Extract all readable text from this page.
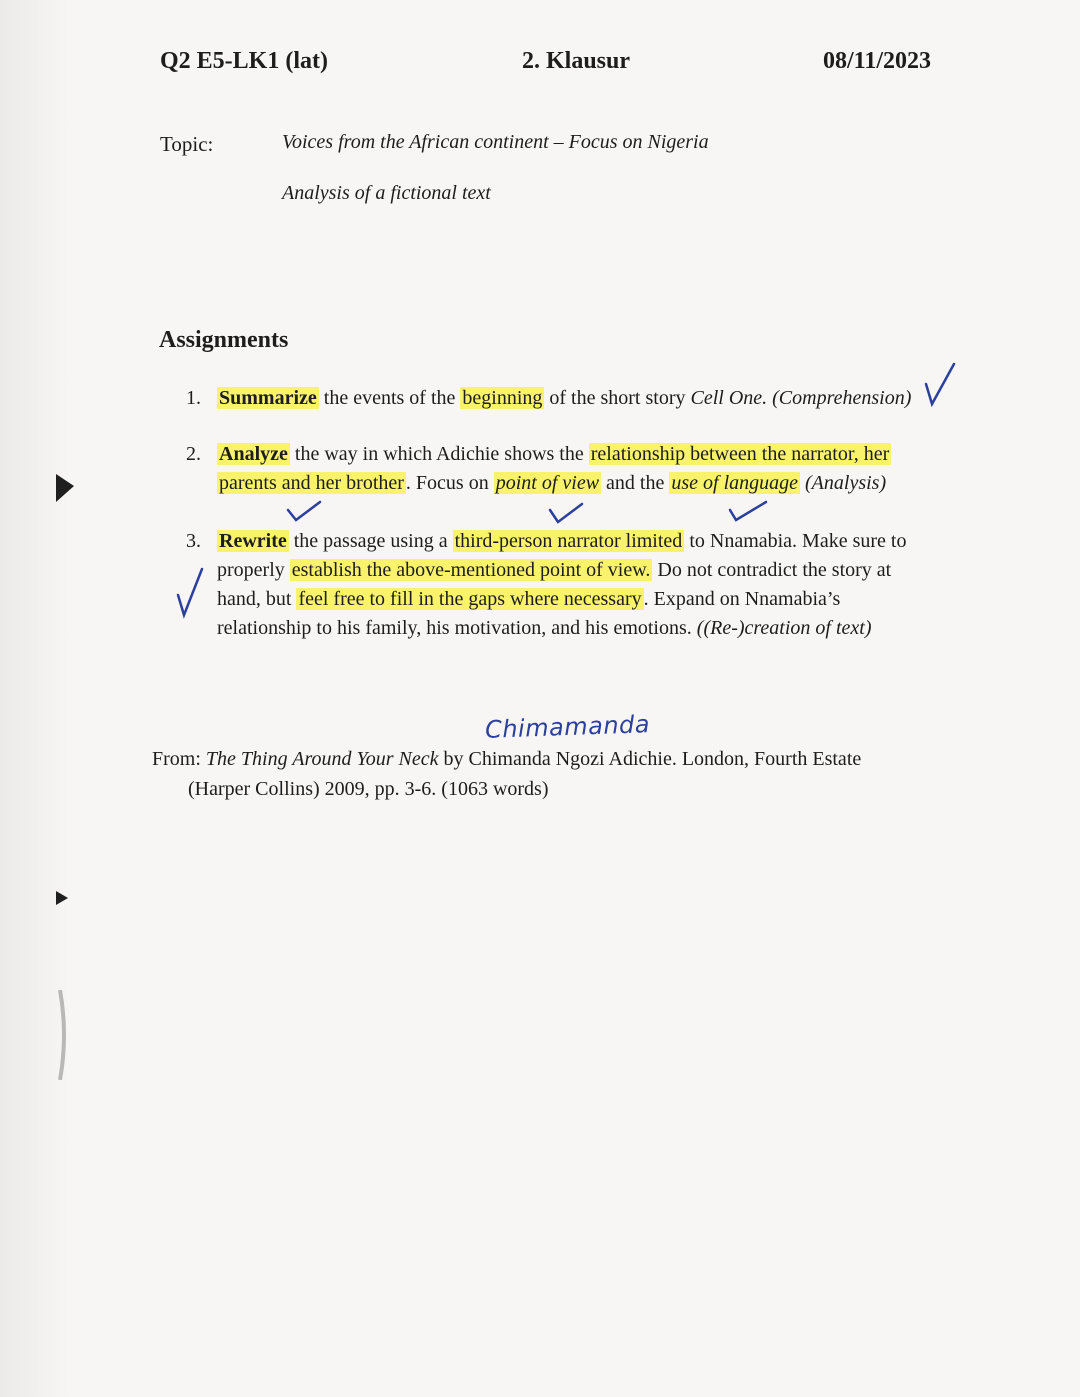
Q2 E5-LK1 (lat)	2. Klausur	08/11/2023
Topic:	Voices from the African continent – Focus on Nigeria
Analysis of a fictional text
Assignments
1. Summarize the events of the beginning of the short story Cell One. (Comprehension)
2. Analyze the way in which Adichie shows the relationship between the narrator, her parents and her brother . Focus on point of view and the use of language (Analysis)
3. Rewrite the passage using a third-person narrator limited to Nnamabia. Make sure to properly establish the above-mentioned point of view. Do not contradict the story at hand, but feel free to fill in the gaps where necessary . Expand on Nnamabia’s relationship to his family, his motivation, and his emotions. ((Re-)creation of text)
Chimamanda
From: The Thing Around Your Neck by Chimanda Ngozi Adichie. London, Fourth Estate
(Harper Collins) 2009, pp. 3-6. (1063 words)
